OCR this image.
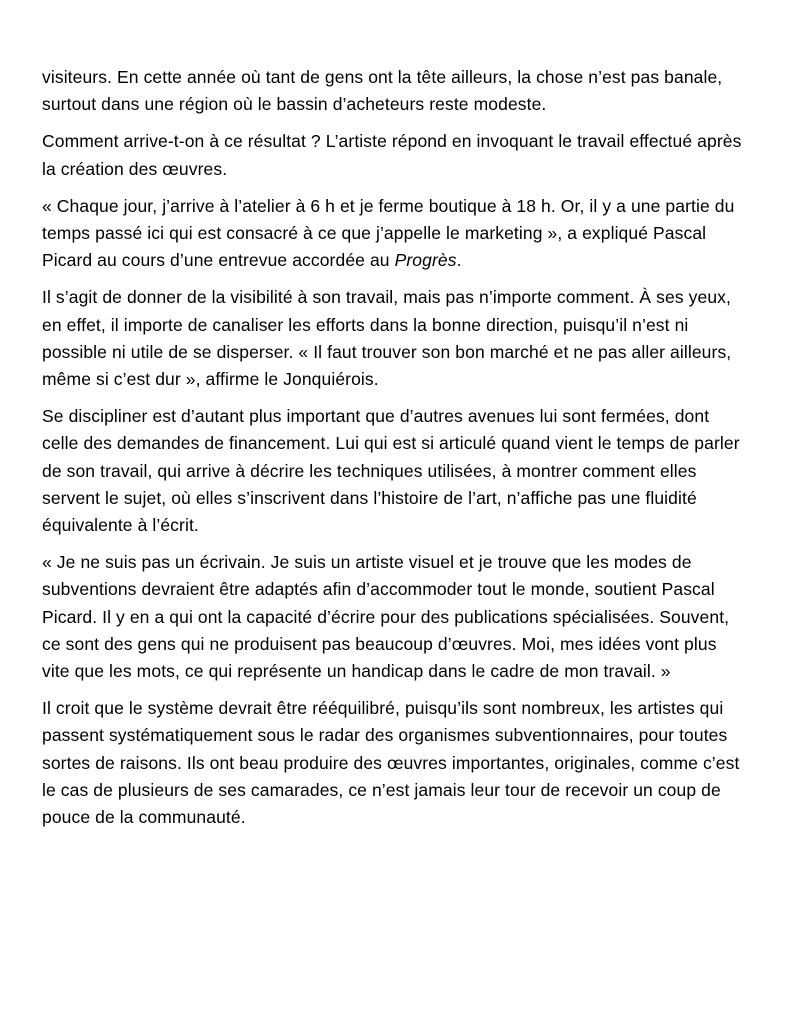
visiteurs. En cette année où tant de gens ont la tête ailleurs, la chose n’est pas banale, surtout dans une région où le bassin d’acheteurs reste modeste.

Comment arrive-t-on à ce résultat ? L’artiste répond en invoquant le travail effectué après la création des œuvres.

« Chaque jour, j’arrive à l’atelier à 6 h et je ferme boutique à 18 h. Or, il y a une partie du temps passé ici qui est consacré à ce que j’appelle le marketing », a expliqué Pascal Picard au cours d’une entrevue accordée au Progrès.

Il s’agit de donner de la visibilité à son travail, mais pas n’importe comment. À ses yeux, en effet, il importe de canaliser les efforts dans la bonne direction, puisqu’il n’est ni possible ni utile de se disperser. « Il faut trouver son bon marché et ne pas aller ailleurs, même si c’est dur », affirme le Jonquiérois.

Se discipliner est d’autant plus important que d’autres avenues lui sont fermées, dont celle des demandes de financement. Lui qui est si articulé quand vient le temps de parler de son travail, qui arrive à décrire les techniques utilisées, à montrer comment elles servent le sujet, où elles s’inscrivent dans l’histoire de l’art, n’affiche pas une fluidité équivalente à l’écrit.

« Je ne suis pas un écrivain. Je suis un artiste visuel et je trouve que les modes de subventions devraient être adaptés afin d’accommoder tout le monde, soutient Pascal Picard. Il y en a qui ont la capacité d’écrire pour des publications spécialisées. Souvent, ce sont des gens qui ne produisent pas beaucoup d’œuvres. Moi, mes idées vont plus vite que les mots, ce qui représente un handicap dans le cadre de mon travail. »

Il croit que le système devrait être rééquilibré, puisqu’ils sont nombreux, les artistes qui passent systématiquement sous le radar des organismes subventionnaires, pour toutes sortes de raisons. Ils ont beau produire des œuvres importantes, originales, comme c’est le cas de plusieurs de ses camarades, ce n’est jamais leur tour de recevoir un coup de pouce de la communauté.
